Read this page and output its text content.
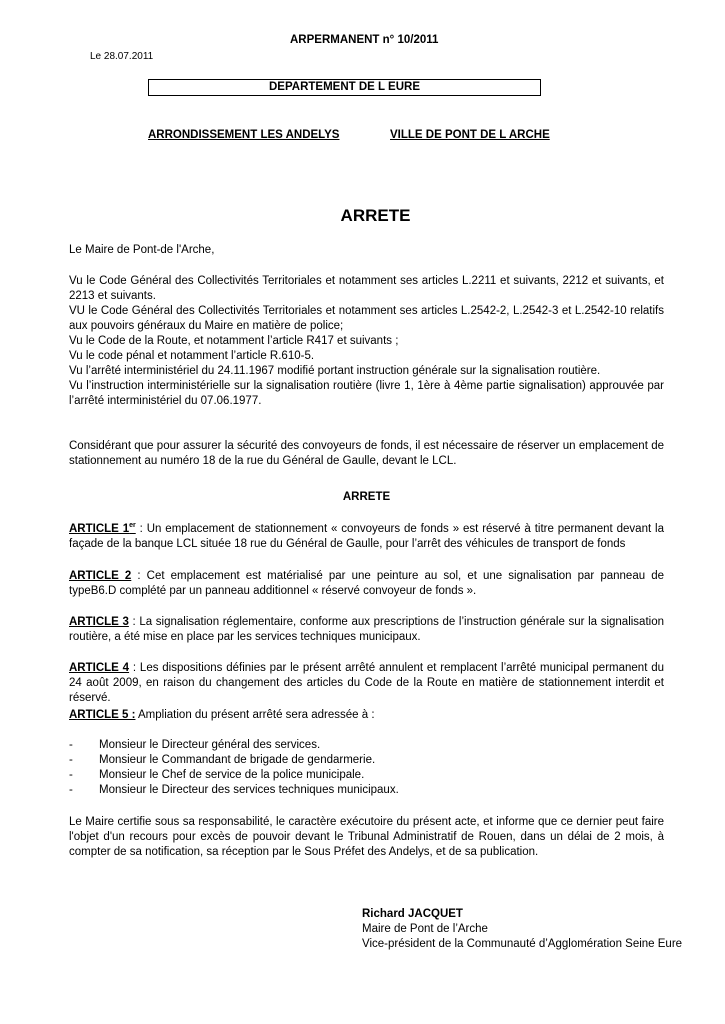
ARPERMANENT n° 10/2011
Le 28.07.2011
DEPARTEMENT DE L EURE
ARRONDISSEMENT LES ANDELYS	VILLE DE PONT DE L ARCHE
ARRETE

Le Maire de Pont-de l'Arche,

Vu le Code Général des Collectivités Territoriales et notamment ses articles L.2211 et suivants, 2212 et suivants, et 2213 et suivants.

VU le Code Général des Collectivités Territoriales et notamment ses articles L.2542-2, L.2542-3 et L.2542-10 relatifs aux pouvoirs généraux du Maire en matière de police;

Vu le Code de la Route, et notamment l’article R417 et suivants ;

Vu le code pénal et notamment l’article R.610-5.

Vu l’arrêté interministériel du 24.11.1967 modifié portant instruction générale sur la signalisation routière.

Vu l’instruction interministérielle sur la signalisation routière (livre 1, 1ère à 4ème partie signalisation) approuvée par l’arrêté interministériel du 07.06.1977.

Considérant que pour assurer la sécurité des convoyeurs de fonds, il est nécessaire de réserver un emplacement de stationnement au numéro 18 de la rue du Général de Gaulle, devant le LCL.

ARRETE

ARTICLE 1er : Un emplacement de stationnement « convoyeurs de fonds » est réservé à titre permanent devant la façade de la banque LCL située 18 rue du Général de Gaulle, pour l’arrêt des véhicules de transport de fonds

ARTICLE 2 : Cet emplacement est matérialisé par une peinture au sol, et une signalisation par panneau de typeB6.D complété par un panneau additionnel « réservé convoyeur de fonds ».

ARTICLE 3 : La signalisation réglementaire, conforme aux prescriptions de l’instruction générale sur la signalisation routière, a été mise en place par les services techniques municipaux.

ARTICLE 4 : Les dispositions définies par le présent arrêté annulent et remplacent l’arrêté municipal permanent du 24 août 2009, en raison du changement des articles du Code de la Route en matière de stationnement interdit et réservé.

ARTICLE 5 : Ampliation du présent arrêté sera adressée à :

- Monsieur le Directeur général des services.
- Monsieur le Commandant de brigade de gendarmerie.
- Monsieur le Chef de service de la police municipale.
- Monsieur le Directeur des services techniques municipaux.

Le Maire certifie sous sa responsabilité, le caractère exécutoire du présent acte, et informe que ce dernier peut faire l'objet d'un recours pour excès de pouvoir devant le Tribunal Administratif de Rouen, dans un délai de 2 mois, à compter de sa notification, sa réception par le Sous Préfet des Andelys, et de sa publication.

Richard JACQUET
Maire de Pont de l’Arche
Vice-président de la Communauté d’Agglomération Seine Eure
